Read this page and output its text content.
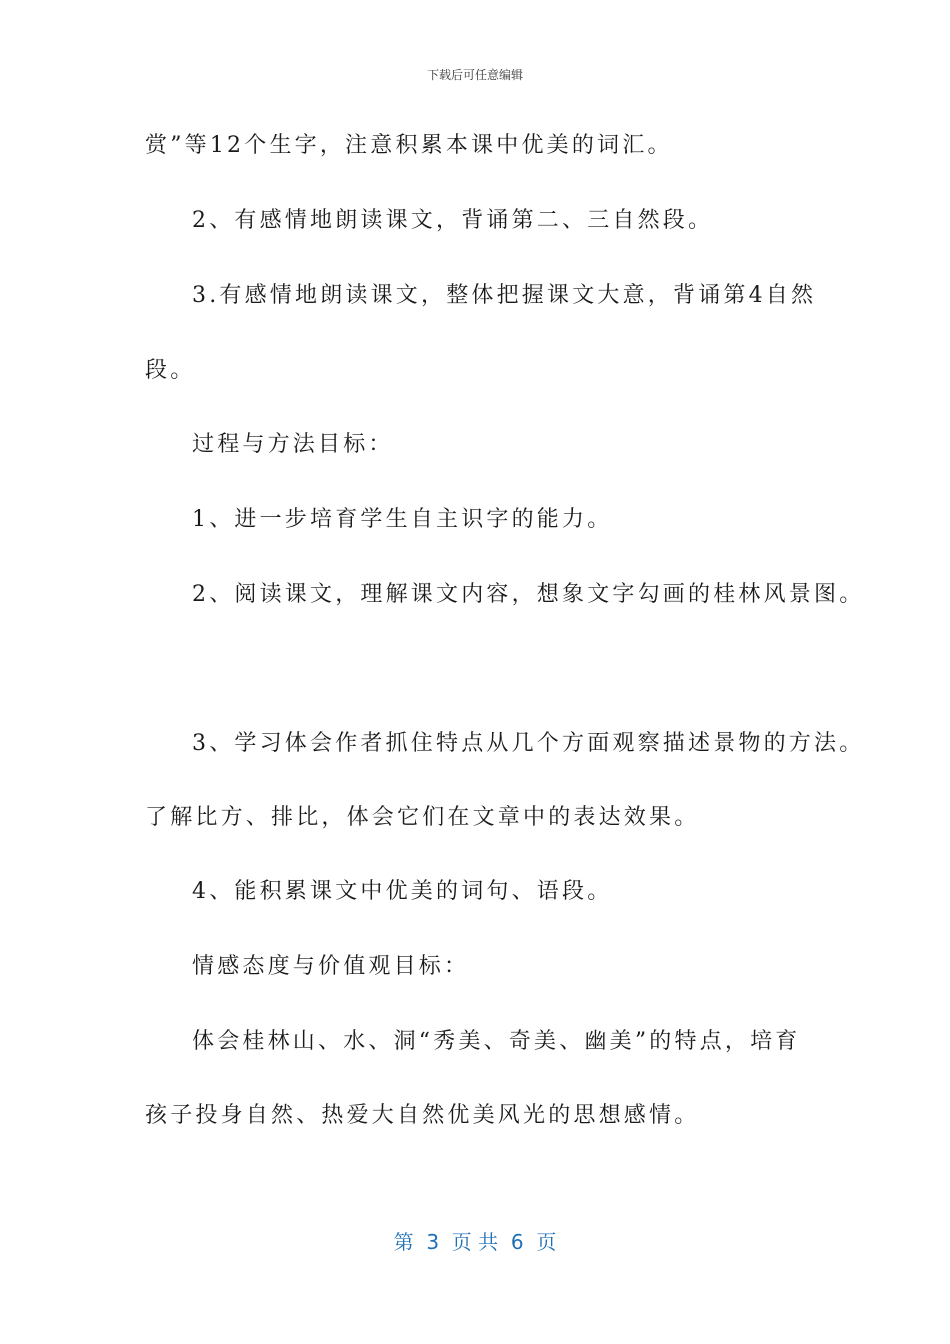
下载后可任意编辑
赏”等12个生字，注意积累本课中优美的词汇。
2、有感情地朗读课文，背诵第二、三自然段。
3.有感情地朗读课文，整体把握课文大意，背诵第4自然
段。
过程与方法目标：
1、进一步培育学生自主识字的能力。
2、阅读课文，理解课文内容，想象文字勾画的桂林风景图。
3、学习体会作者抓住特点从几个方面观察描述景物的方法。
了解比方、排比，体会它们在文章中的表达效果。
4、能积累课文中优美的词句、语段。
情感态度与价值观目标：
体会桂林山、水、洞“秀美、奇美、幽美”的特点，培育
孩子投身自然、热爱大自然优美风光的思想感情。
第  3  页 共  6  页
